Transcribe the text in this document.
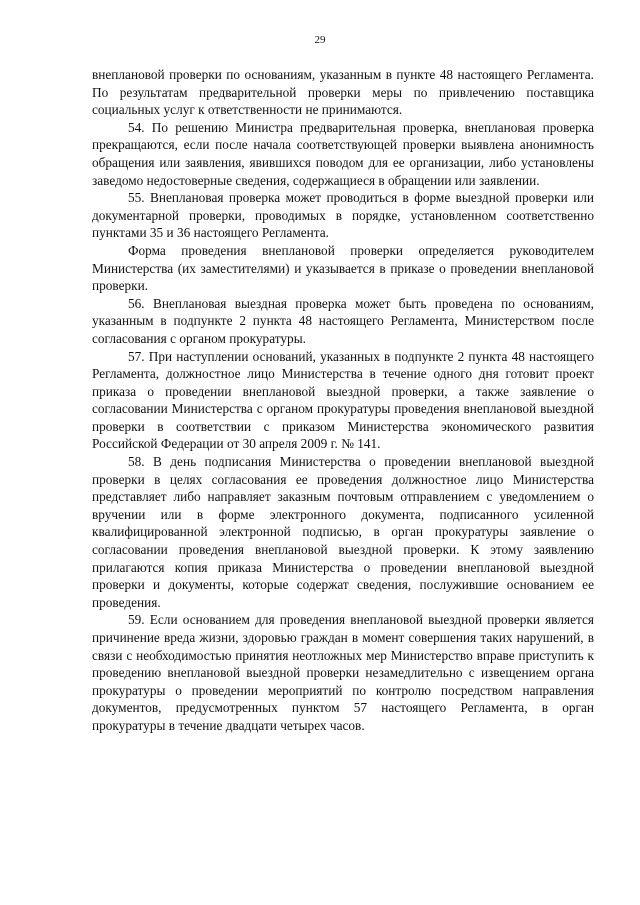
29

внеплановой проверки по основаниям, указанным в пункте 48 настоящего Регламента. По результатам предварительной проверки меры по привлечению поставщика социальных услуг к ответственности не принимаются.

54. По решению Министра предварительная проверка, внеплановая проверка прекращаются, если после начала соответствующей проверки выявлена анонимность обращения или заявления, явившихся поводом для ее организации, либо установлены заведомо недостоверные сведения, содержащиеся в обращении или заявлении.

55. Внеплановая проверка может проводиться в форме выездной проверки или документарной проверки, проводимых в порядке, установленном соответственно пунктами 35 и 36 настоящего Регламента.

Форма проведения внеплановой проверки определяется руководителем Министерства (их заместителями) и указывается в приказе о проведении внеплановой проверки.

56. Внеплановая выездная проверка может быть проведена по основаниям, указанным в подпункте 2 пункта 48 настоящего Регламента, Министерством после согласования с органом прокуратуры.

57. При наступлении оснований, указанных в подпункте 2 пункта 48 настоящего Регламента, должностное лицо Министерства в течение одного дня готовит проект приказа о проведении внеплановой выездной проверки, а также заявление о согласовании Министерства с органом прокуратуры проведения внеплановой выездной проверки в соответствии с приказом Министерства экономического развития Российской Федерации от 30 апреля 2009 г. № 141.

58. В день подписания Министерства о проведении внеплановой выездной проверки в целях согласования ее проведения должностное лицо Министерства представляет либо направляет заказным почтовым отправлением с уведомлением о вручении или в форме электронного документа, подписанного усиленной квалифицированной электронной подписью, в орган прокуратуры заявление о согласовании проведения внеплановой выездной проверки. К этому заявлению прилагаются копия приказа Министерства о проведении внеплановой выездной проверки и документы, которые содержат сведения, послужившие основанием ее проведения.

59. Если основанием для проведения внеплановой выездной проверки является причинение вреда жизни, здоровью граждан в момент совершения таких нарушений, в связи с необходимостью принятия неотложных мер Министерство вправе приступить к проведению внеплановой выездной проверки незамедлительно с извещением органа прокуратуры о проведении мероприятий по контролю посредством направления документов, предусмотренных пунктом 57 настоящего Регламента, в орган прокуратуры в течение двадцати четырех часов.
